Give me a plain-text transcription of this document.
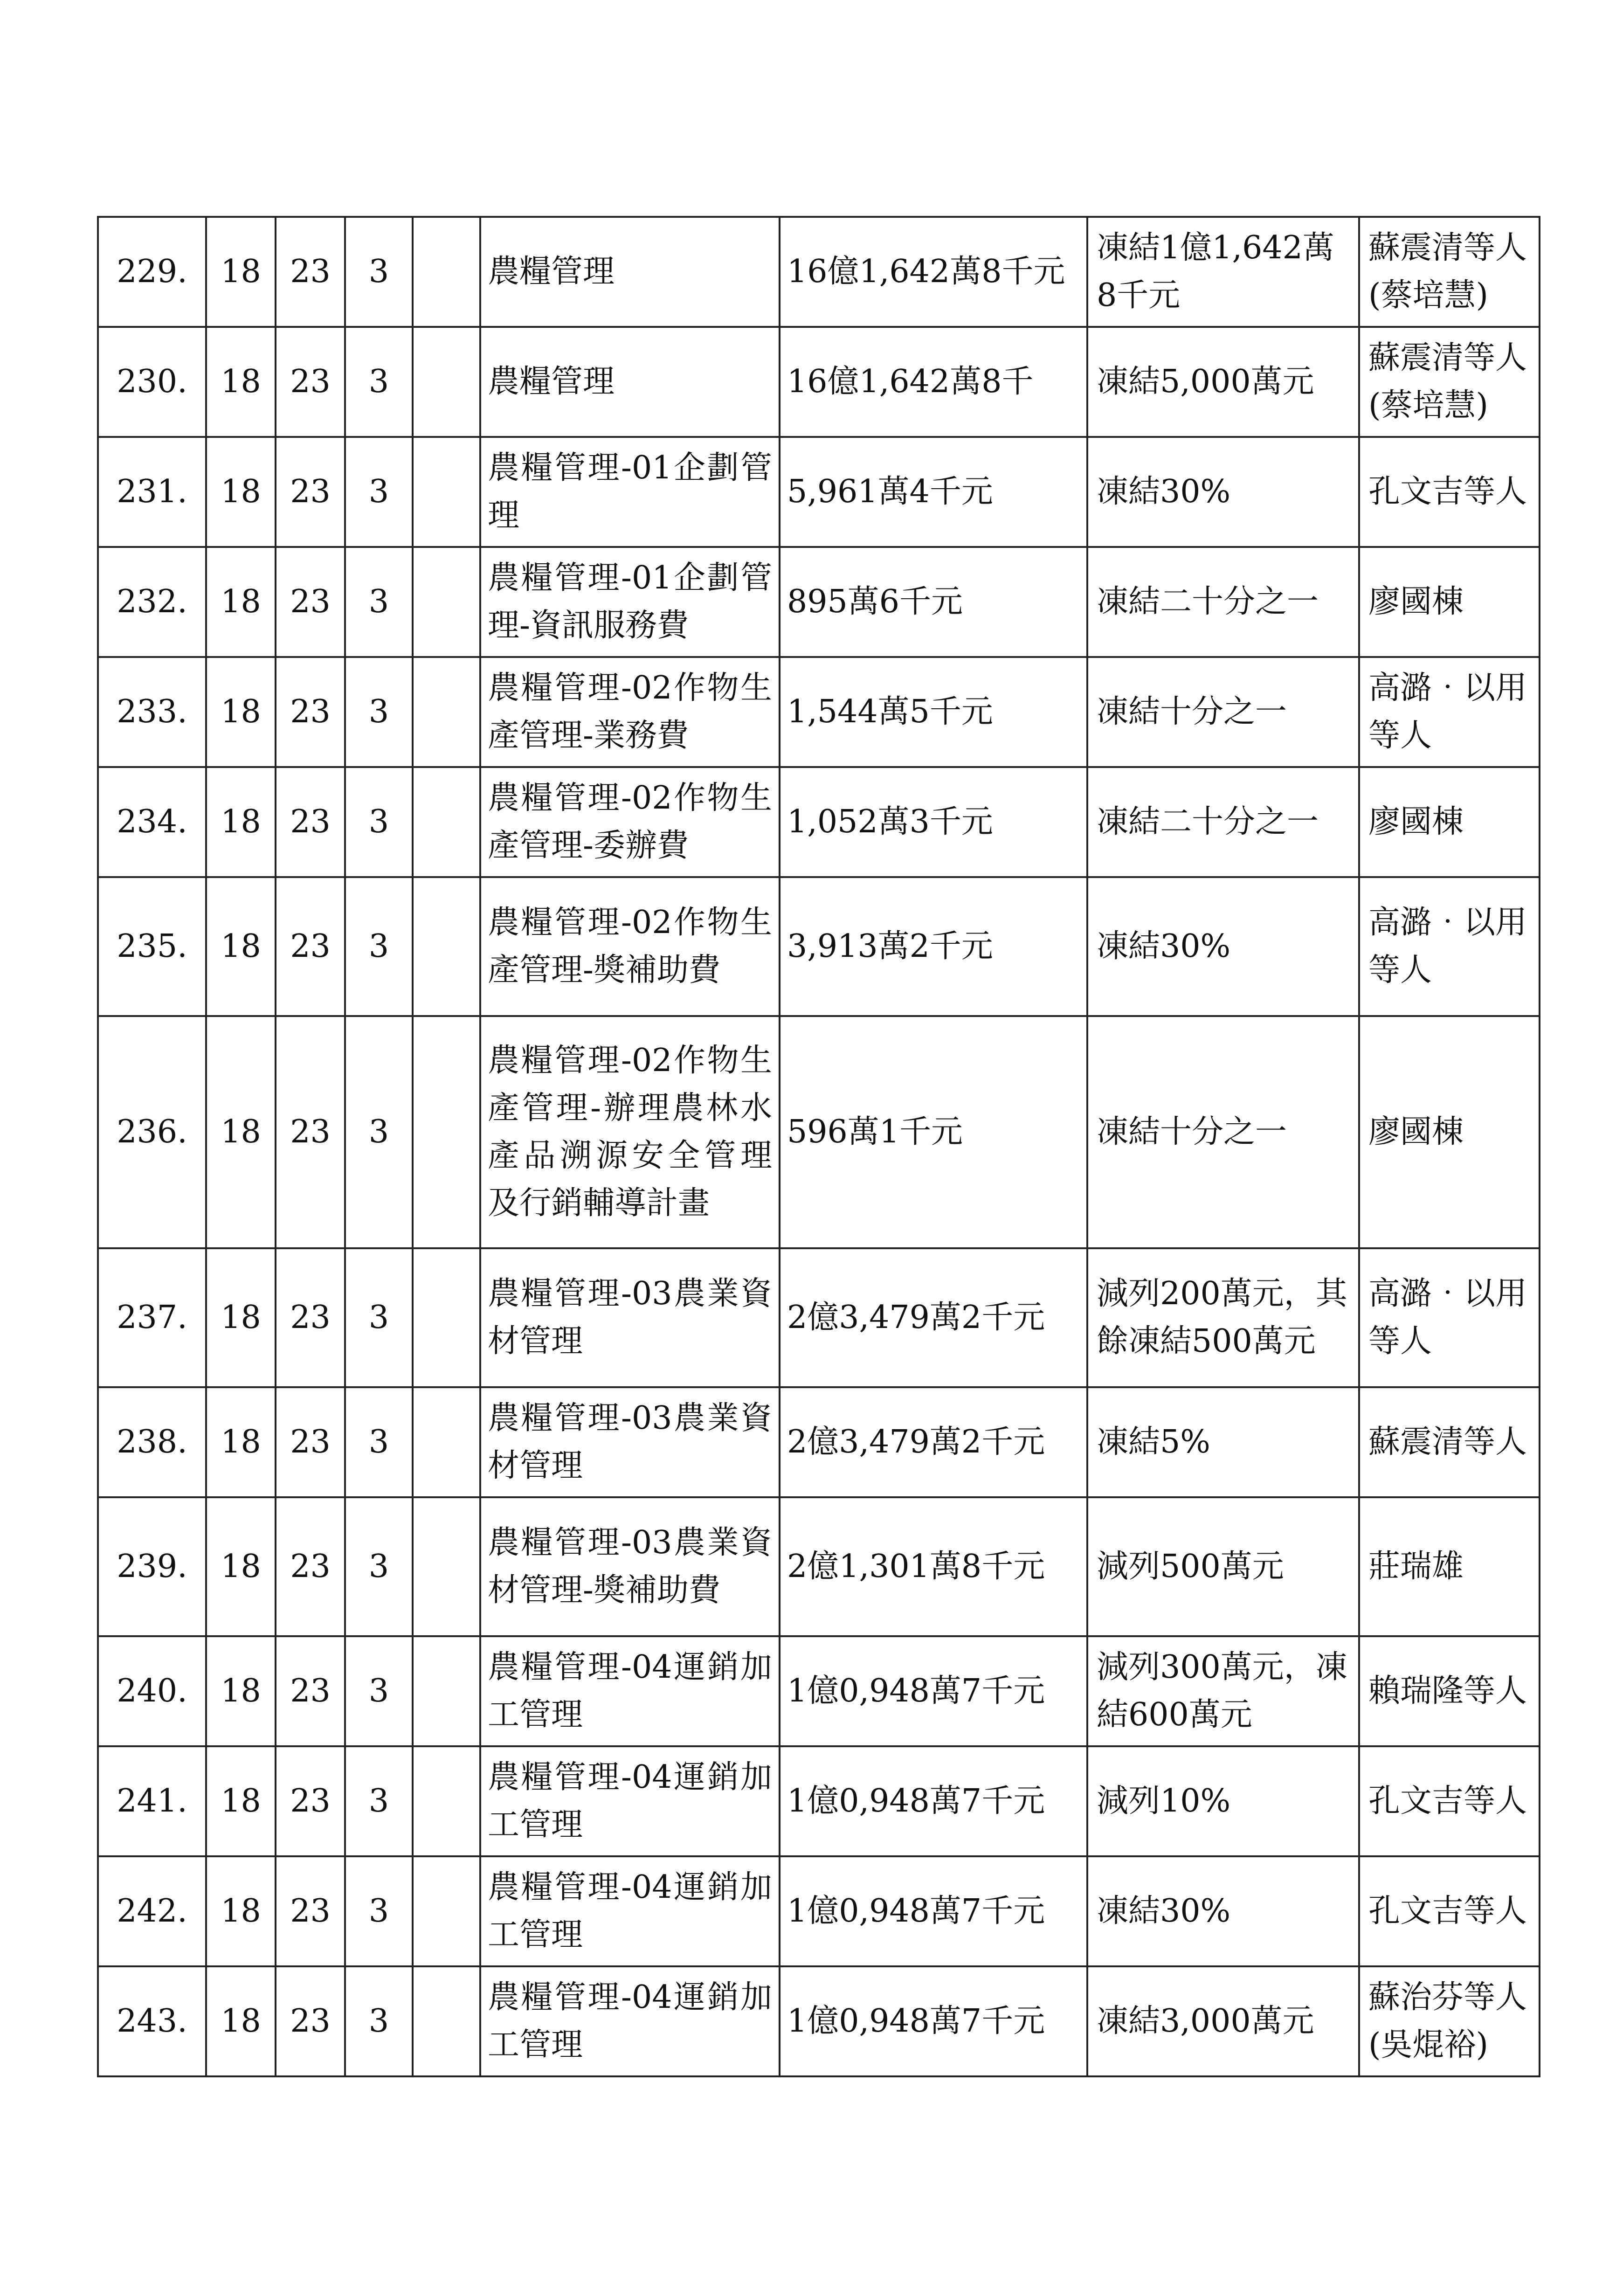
229.	18	23	3		農糧管理	16億1,642萬8千元	凍結1億1,642萬8千元	蘇震清等人
(蔡培慧)
230.	18	23	3		農糧管理	16億1,642萬8千	凍結5,000萬元	蘇震清等人
(蔡培慧)
231.	18	23	3		農糧管理-01企劃管理	5,961萬4千元	凍結30%	孔文吉等人
232.	18	23	3		農糧管理-01企劃管理-資訊服務費	895萬6千元	凍結二十分之一	廖國棟
233.	18	23	3		農糧管理-02作物生產管理-業務費	1,544萬5千元	凍結十分之一	高潞‧以用等人
234.	18	23	3		農糧管理-02作物生產管理-委辦費	1,052萬3千元	凍結二十分之一	廖國棟
235.	18	23	3		農糧管理-02作物生產管理-獎補助費	3,913萬2千元	凍結30%	高潞‧以用等人
236.	18	23	3		農糧管理-02作物生產管理-辦理農林水產品溯源安全管理及行銷輔導計畫	596萬1千元	凍結十分之一	廖國棟
237.	18	23	3		農糧管理-03農業資材管理	2億3,479萬2千元	減列200萬元，其餘凍結500萬元	高潞‧以用等人
238.	18	23	3		農糧管理-03農業資材管理	2億3,479萬2千元	凍結5%	蘇震清等人
239.	18	23	3		農糧管理-03農業資材管理-獎補助費	2億1,301萬8千元	減列500萬元	莊瑞雄
240.	18	23	3		農糧管理-04運銷加工管理	1億0,948萬7千元	減列300萬元，凍結600萬元	賴瑞隆等人
241.	18	23	3		農糧管理-04運銷加工管理	1億0,948萬7千元	減列10%	孔文吉等人
242.	18	23	3		農糧管理-04運銷加工管理	1億0,948萬7千元	凍結30%	孔文吉等人
243.	18	23	3		農糧管理-04運銷加工管理	1億0,948萬7千元	凍結3,000萬元	蘇治芬等人
(吳焜裕)
